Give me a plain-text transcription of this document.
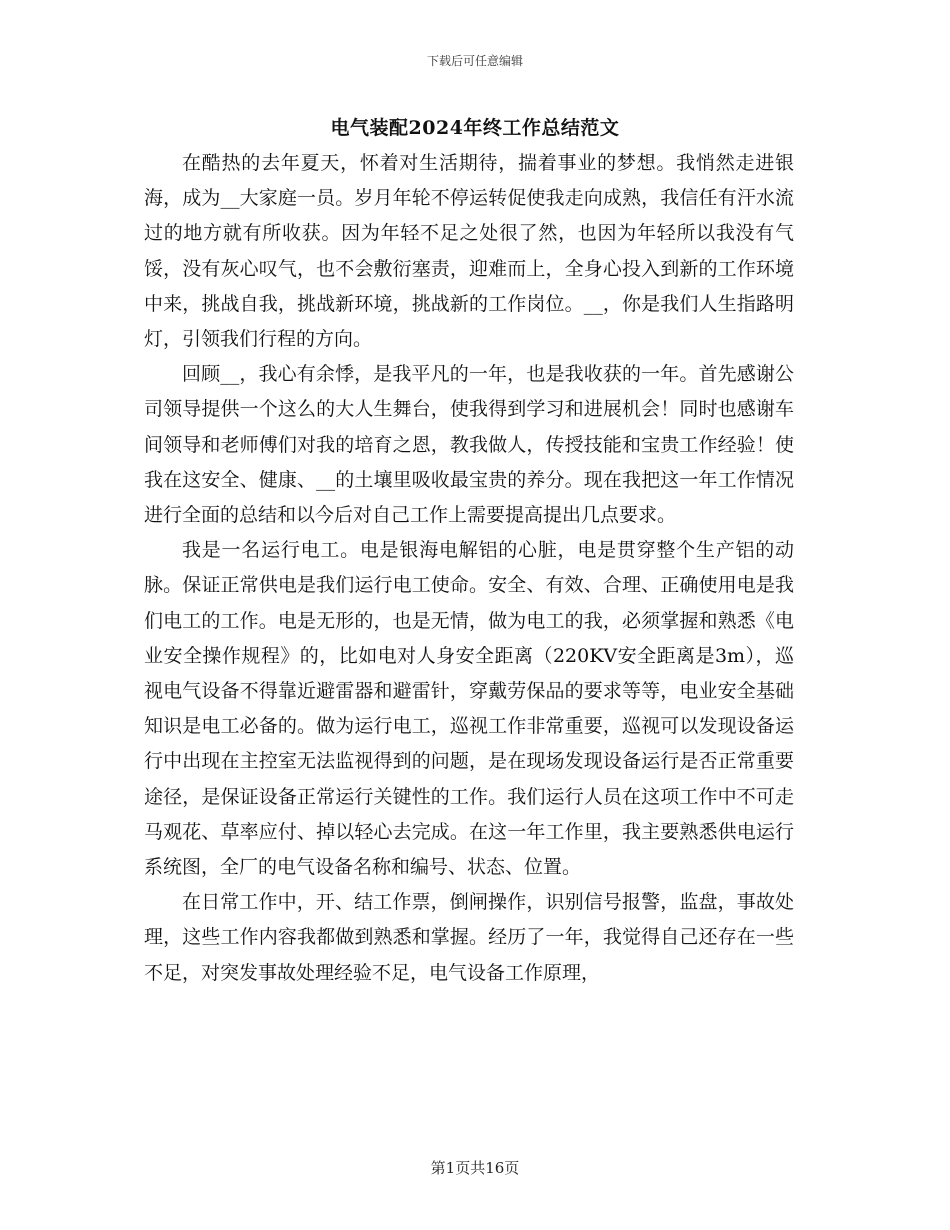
下载后可任意编辑
电气装配2024年终工作总结范文

在酷热的去年夏天，怀着对生活期待，揣着事业的梦想。我悄然走进银海，成为__大家庭一员。岁月年轮不停运转促使我走向成熟，我信任有汗水流过的地方就有所收获。因为年轻不足之处很了然，也因为年轻所以我没有气馁，没有灰心叹气，也不会敷衍塞责，迎难而上，全身心投入到新的工作环境中来，挑战自我，挑战新环境，挑战新的工作岗位。__，你是我们人生指路明灯，引领我们行程的方向。

回顾__，我心有余悸，是我平凡的一年，也是我收获的一年。首先感谢公司领导提供一个这么的大人生舞台，使我得到学习和进展机会！同时也感谢车间领导和老师傅们对我的培育之恩，教我做人，传授技能和宝贵工作经验！使我在这安全、健康、__的土壤里吸收最宝贵的养分。现在我把这一年工作情况进行全面的总结和以今后对自己工作上需要提高提出几点要求。

我是一名运行电工。电是银海电解铝的心脏，电是贯穿整个生产铝的动脉。保证正常供电是我们运行电工使命。安全、有效、合理、正确使用电是我们电工的工作。电是无形的，也是无情，做为电工的我，必须掌握和熟悉《电业安全操作规程》的，比如电对人身安全距离（220KV安全距离是3m），巡视电气设备不得靠近避雷器和避雷针，穿戴劳保品的要求等等，电业安全基础知识是电工必备的。做为运行电工，巡视工作非常重要，巡视可以发现设备运行中出现在主控室无法监视得到的问题，是在现场发现设备运行是否正常重要途径，是保证设备正常运行关键性的工作。我们运行人员在这项工作中不可走马观花、草率应付、掉以轻心去完成。在这一年工作里，我主要熟悉供电运行系统图，全厂的电气设备名称和编号、状态、位置。

在日常工作中，开、结工作票，倒闸操作，识别信号报警，监盘，事故处理，这些工作内容我都做到熟悉和掌握。经历了一年，我觉得自己还存在一些不足，对突发事故处理经验不足，电气设备工作原理，

第1页共16页
